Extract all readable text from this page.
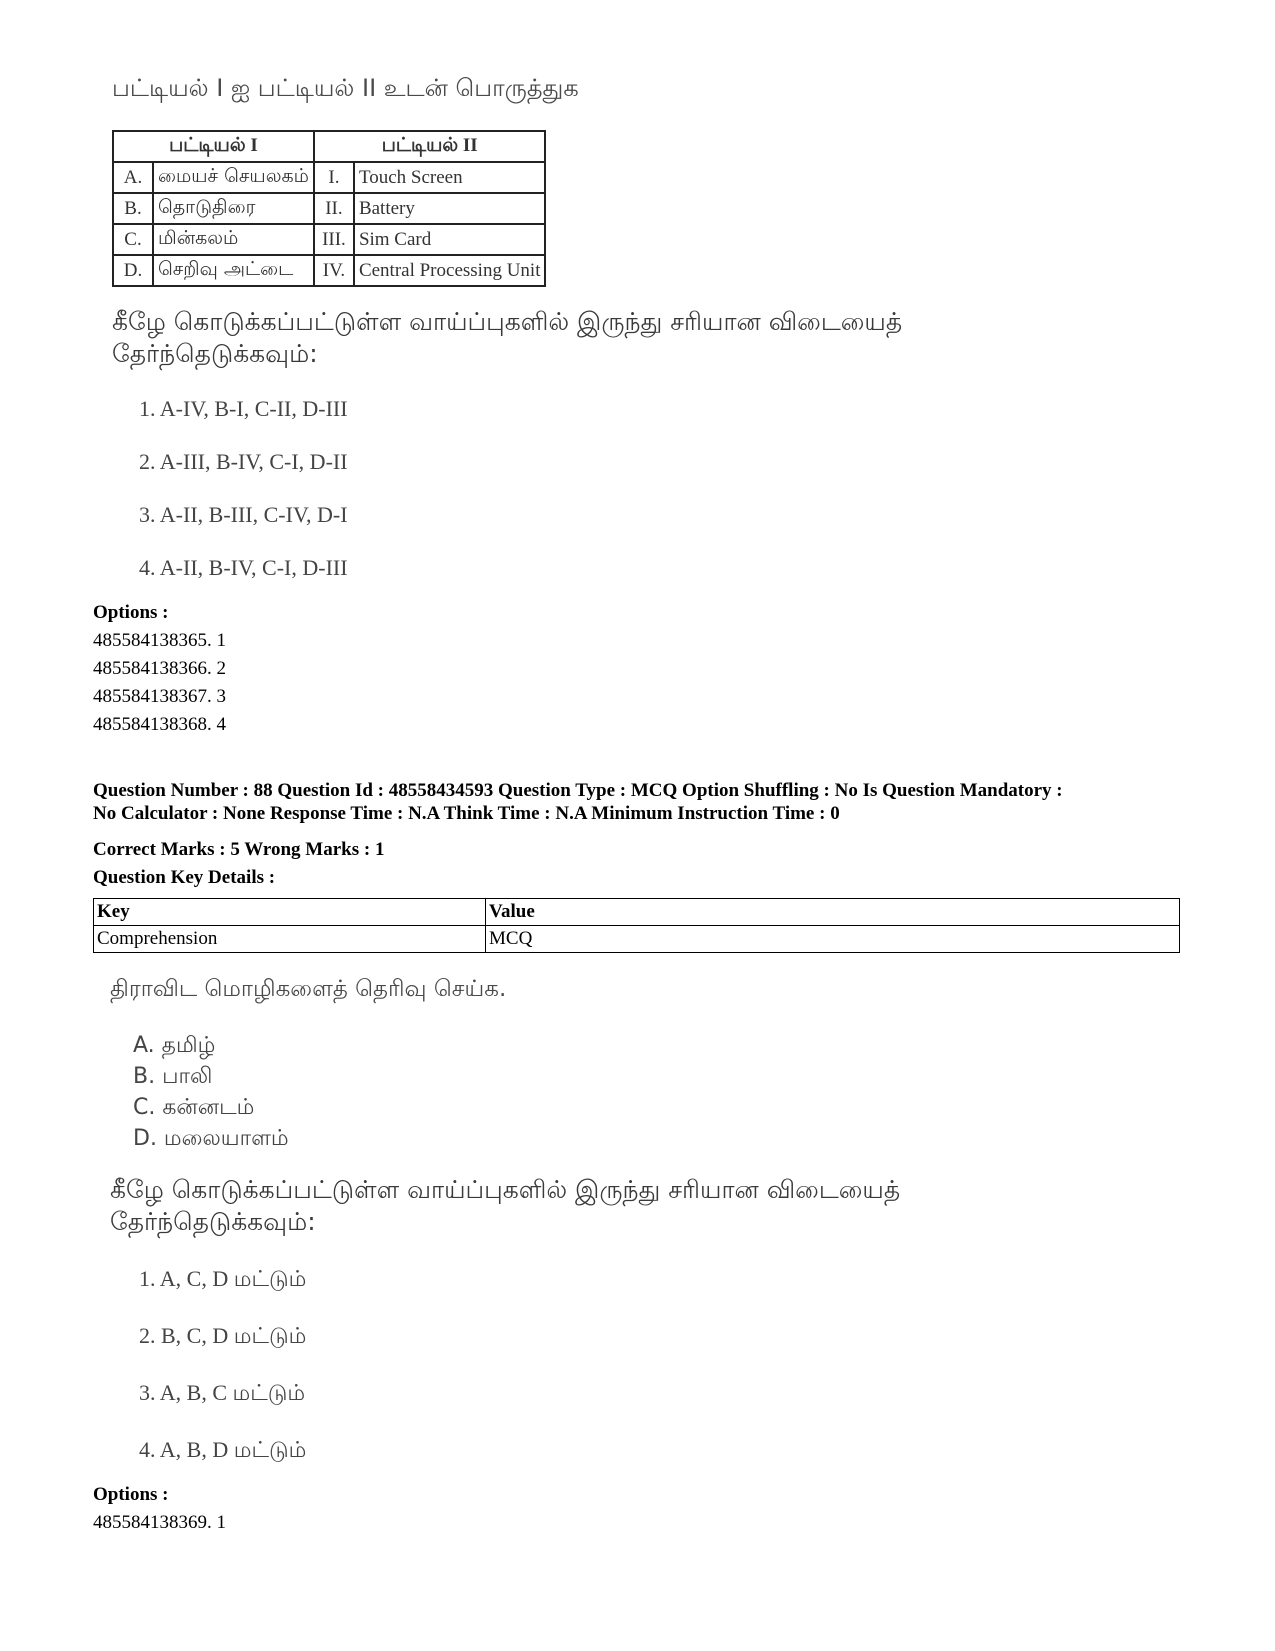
பட்டியல் I ஐ பட்டியல் II உடன் பொருத்துக
பட்டியல் I		பட்டியல் II	
A.	மையச் செயலகம்	I.	Touch Screen
B.	தொடுதிரை	II.	Battery
C.	மின்கலம்	III.	Sim Card
D.	செறிவு அட்டை	IV.	Central Processing Unit
கீழே கொடுக்கப்பட்டுள்ள வாய்ப்புகளில் இருந்து சரியான விடையைத்
தேர்ந்தெடுக்கவும்:
1. A-IV, B-I, C-II, D-III
2. A-III, B-IV, C-I, D-II
3. A-II, B-III, C-IV, D-I
4. A-II, B-IV, C-I, D-III
Options :
485584138365. 1
485584138366. 2
485584138367. 3
485584138368. 4
Question Number : 88 Question Id : 48558434593 Question Type : MCQ Option Shuffling : No Is Question Mandatory :
No Calculator : None Response Time : N.A Think Time : N.A Minimum Instruction Time : 0
Correct Marks : 5 Wrong Marks : 1
Question Key Details :
Key	Value
Comprehension	MCQ
திராவிட மொழிகளைத் தெரிவு செய்க.
A. தமிழ்
B. பாலி
C. கன்னடம்
D. மலையாளம்
கீழே கொடுக்கப்பட்டுள்ள வாய்ப்புகளில் இருந்து சரியான விடையைத்
தேர்ந்தெடுக்கவும்:
1. A, C, D மட்டும்
2. B, C, D மட்டும்
3. A, B, C மட்டும்
4. A, B, D மட்டும்
Options :
485584138369. 1
